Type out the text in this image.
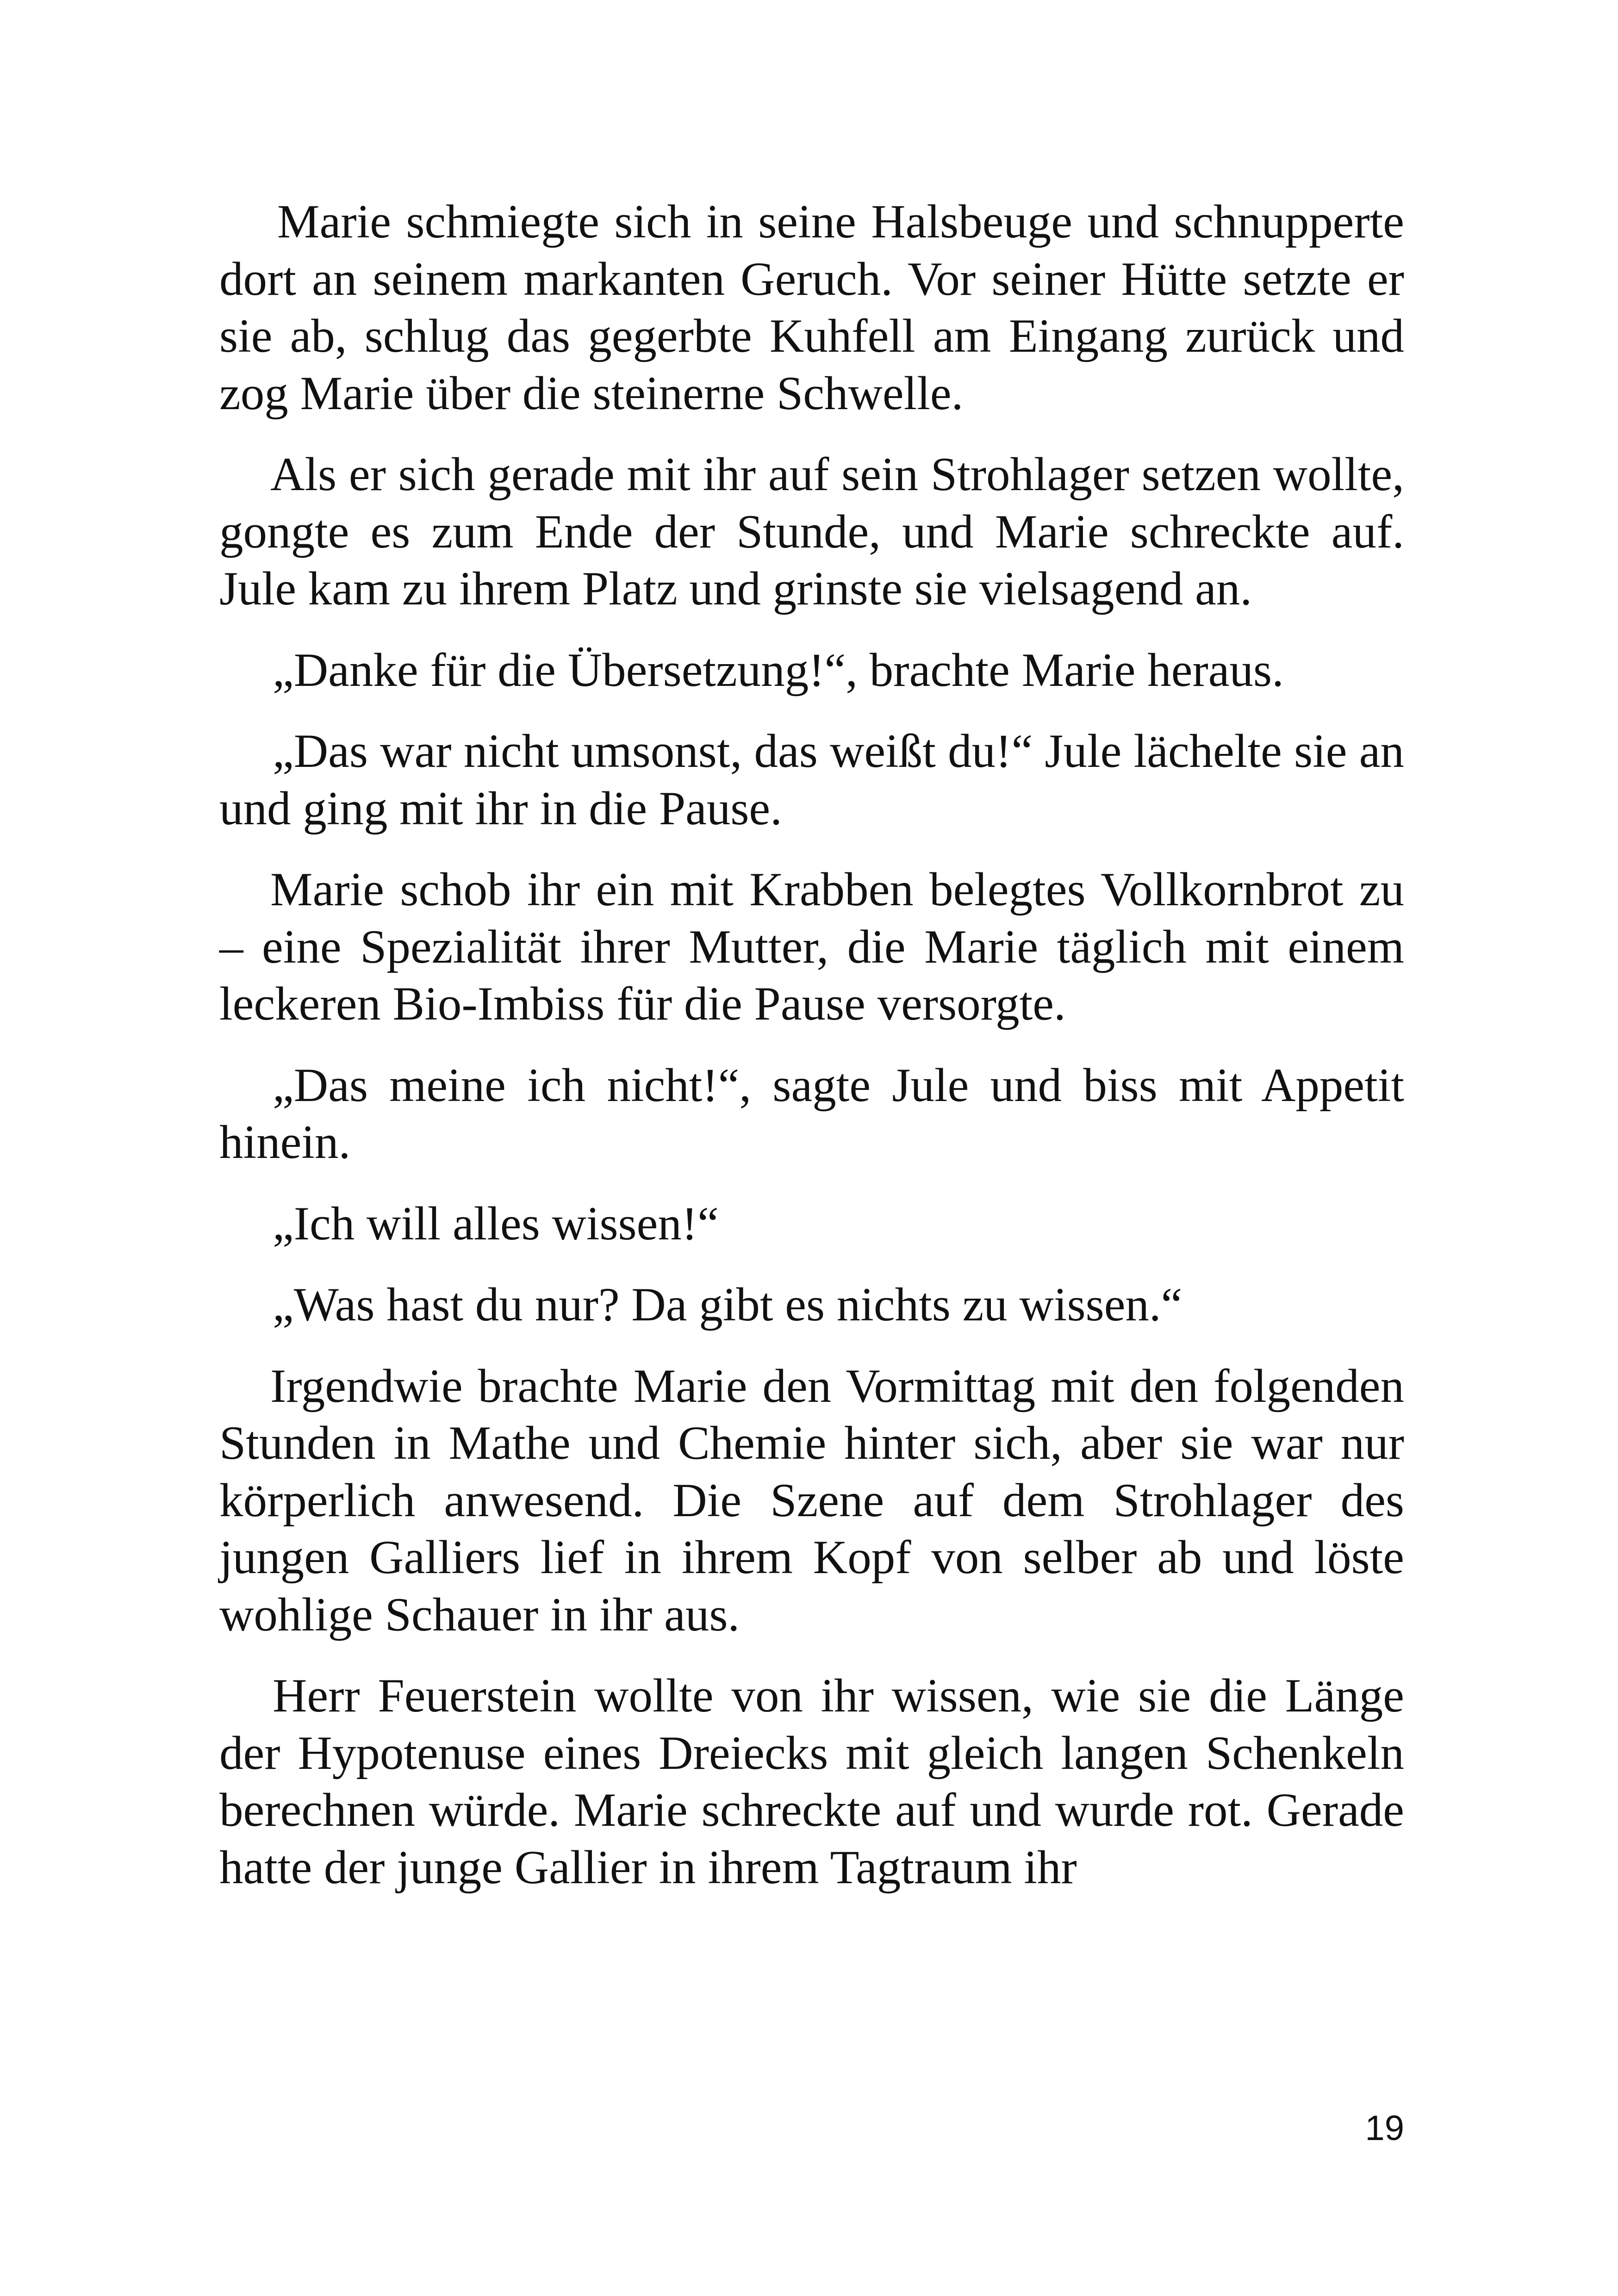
Marie schmiegte sich in seine Halsbeuge und schnupperte dort an seinem markanten Geruch. Vor seiner Hütte setzte er sie ab, schlug das gegerbte Kuhfell am Eingang zurück und zog Marie über die steinerne Schwelle.

Als er sich gerade mit ihr auf sein Strohlager setzen wollte, gongte es zum Ende der Stunde, und Marie schreckte auf. Jule kam zu ihrem Platz und grinste sie vielsagend an.

„Danke für die Übersetzung!“, brachte Marie heraus.

„Das war nicht umsonst, das weißt du!“ Jule lächelte sie an und ging mit ihr in die Pause.

Marie schob ihr ein mit Krabben belegtes Vollkornbrot zu – eine Spezialität ihrer Mutter, die Marie täglich mit einem leckeren Bio-Imbiss für die Pause versorgte.

„Das meine ich nicht!“, sagte Jule und biss mit Appetit hinein.

„Ich will alles wissen!“

„Was hast du nur? Da gibt es nichts zu wissen.“

Irgendwie brachte Marie den Vormittag mit den folgenden Stunden in Mathe und Chemie hinter sich, aber sie war nur körperlich anwesend. Die Szene auf dem Strohlager des jungen Galliers lief in ihrem Kopf von selber ab und löste wohlige Schauer in ihr aus.

Herr Feuerstein wollte von ihr wissen, wie sie die Länge der Hypotenuse eines Dreiecks mit gleich langen Schenkeln berechnen würde. Marie schreckte auf und wurde rot. Gerade hatte der junge Gallier in ihrem Tagtraum ihr

19
